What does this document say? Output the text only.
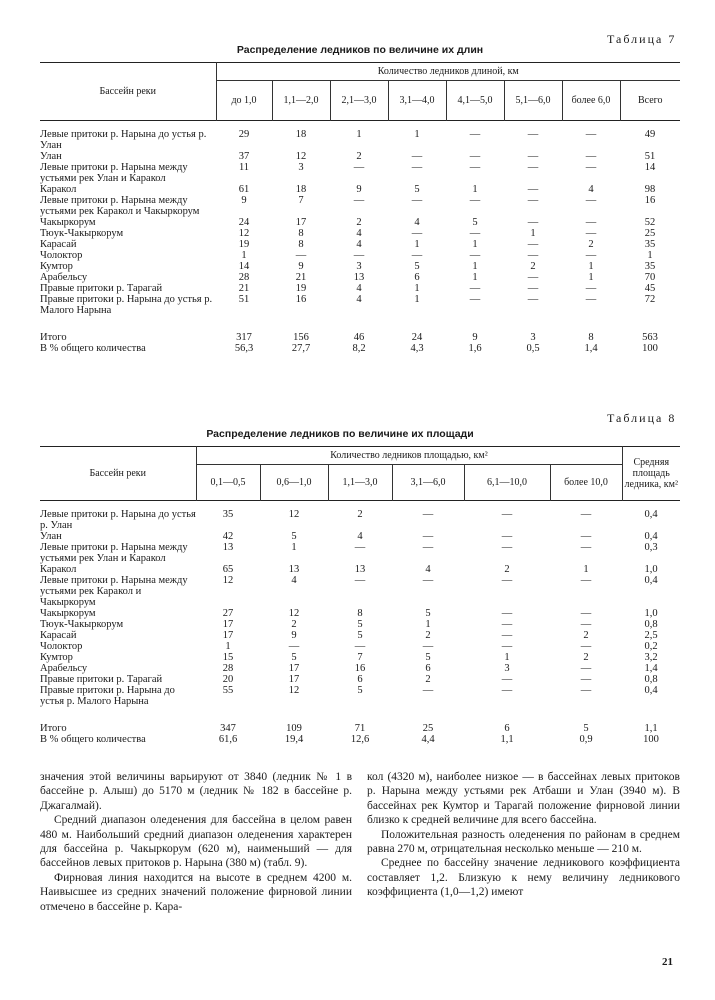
Таблица 7
Распределение ледников по величине их длин
Бассейн реки	Количество ледников длиной, км							
	до 1,0	1,1—2,0	2,1—3,0	3,1—4,0	4,1—5,0	5,1—6,0	более 6,0	Всего

Левые притоки р. Нарына до устья р. Улан	29	18	1	1	—	—	—	49
Улан	37	12	2	—	—	—	—	51
Левые притоки р. Нарына между устьями рек Улан и Каракол	11	3	—	—	—	—	—	14
Каракол	61	18	9	5	1	—	4	98
Левые притоки р. Нарына между устьями рек Каракол и Чакыркорум	9	7	—	—	—	—	—	16
Чакыркорум	24	17	2	4	5	—	—	52
Тюук-Чакыркорум	12	8	4	—	—	1	—	25
Карасай	19	8	4	1	1	—	2	35
Чолоктор	1	—	—	—	—	—	—	1
Кумтор	14	9	3	5	1	2	1	35
Арабельсу	28	21	13	6	1	—	1	70
Правые притоки р. Тарагай	21	19	4	1	—	—	—	45
Правые притоки р. Нарына до устья р. Малого Нарына	51	16	4	1	—	—	—	72

Итого	317	156	46	24	9	3	8	563
В % общего количества	56,3	27,7	8,2	4,3	1,6	0,5	1,4	100
Таблица 8
Распределение ледников по величине их площади
Бассейн реки	Количество ледников площадью, км²						Средняя площадь ледника, км²
	0,1—0,5	0,6—1,0	1,1—3,0	3,1—6,0	6,1—10,0	более 10,0	

Левые притоки р. Нарына до устья р. Улан	35	12	2	—	—	—	0,4
Улан	42	5	4	—	—	—	0,4
Левые притоки р. Нарына между устьями рек Улан и Каракол	13	1	—	—	—	—	0,3
Каракол	65	13	13	4	2	1	1,0
Левые притоки р. Нарына между устьями рек Каракол и Чакыркорум	12	4	—	—	—	—	0,4
Чакыркорум	27	12	8	5	—	—	1,0
Тюук-Чакыркорум	17	2	5	1	—	—	0,8
Карасай	17	9	5	2	—	2	2,5
Чолоктор	1	—	—	—	—	—	0,2
Кумтор	15	5	7	5	1	2	3,2
Арабельсу	28	17	16	6	3	—	1,4
Правые притоки р. Тарагай	20	17	6	2	—	—	0,8
Правые притоки р. Нарына до устья р. Малого Нарына	55	12	5	—	—	—	0,4

Итого	347	109	71	25	6	5	1,1
В % общего количества	61,6	19,4	12,6	4,4	1,1	0,9	100

значения этой величины варьируют от 3840 (ледник № 1 в бассейне р. Алыш) до 5170 м (ледник № 182 в бассейне р. Джагалмай).

Средний диапазон оледенения для бассейна в целом равен 480 м. Наибольший средний диапазон оледенения характерен для бассейна р. Чакыркорум (620 м), наименьший — для бассейнов левых притоков р. Нарына (380 м) (табл. 9).

Фирновая линия находится на высоте в среднем 4200 м. Наивысшее из средних значений положение фирновой линии отмечено в бассейне р. Кара-

кол (4320 м), наиболее низкое — в бассейнах левых притоков р. Нарына между устьями рек Атбаши и Улан (3940 м). В бассейнах рек Кумтор и Тарагай положение фирновой линии близко к средней величине для всего бассейна.

Положительная разность оледенения по районам в среднем равна 270 м, отрицательная несколько меньше — 210 м.

Среднее по бассейну значение ледникового коэффициента составляет 1,2. Близкую к нему величину ледникового коэффициента (1,0—1,2) имеют

21
